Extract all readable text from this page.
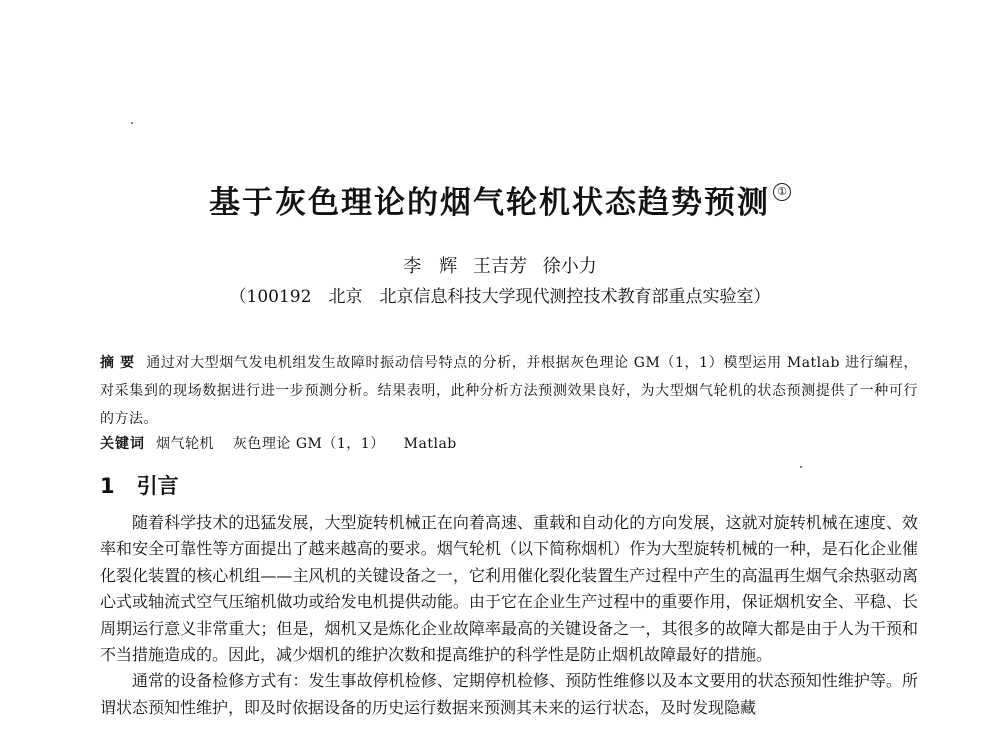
基于灰色理论的烟气轮机状态趋势预测 ①
李　辉 王吉芳 徐小力
（100192　北京　北京信息科技大学现代测控技术教育部重点实验室）
摘要 通过对大型烟气发电机组发生故障时振动信号特点的分析，并根据灰色理论 GM（1，1）模型运用 Matlab 进行编程，对采集到的现场数据进行进一步预测分析。结果表明，此种分析方法预测效果良好，为大型烟气轮机的状态预测提供了一种可行的方法。
关键词 烟气轮机 灰色理论 GM（1，1） Matlab
1 引言

随着科学技术的迅猛发展，大型旋转机械正在向着高速、重载和自动化的方向发展，这就对旋转机械在速度、效率和安全可靠性等方面提出了越来越高的要求。烟气轮机（以下简称烟机）作为大型旋转机械的一种，是石化企业催化裂化装置的核心机组——主风机的关键设备之一，它利用催化裂化装置生产过程中产生的高温再生烟气余热驱动离心式或轴流式空气压缩机做功或给发电机提供动能。由于它在企业生产过程中的重要作用，保证烟机安全、平稳、长周期运行意义非常重大；但是，烟机又是炼化企业故障率最高的关键设备之一，其很多的故障大都是由于人为干预和不当措施造成的。因此，减少烟机的维护次数和提高维护的科学性是防止烟机故障最好的措施。

通常的设备检修方式有：发生事故停机检修、定期停机检修、预防性维修以及本文要用的状态预知性维护等。所谓状态预知性维护，即及时依据设备的历史运行数据来预测其未来的运行状态，及时发现隐藏
